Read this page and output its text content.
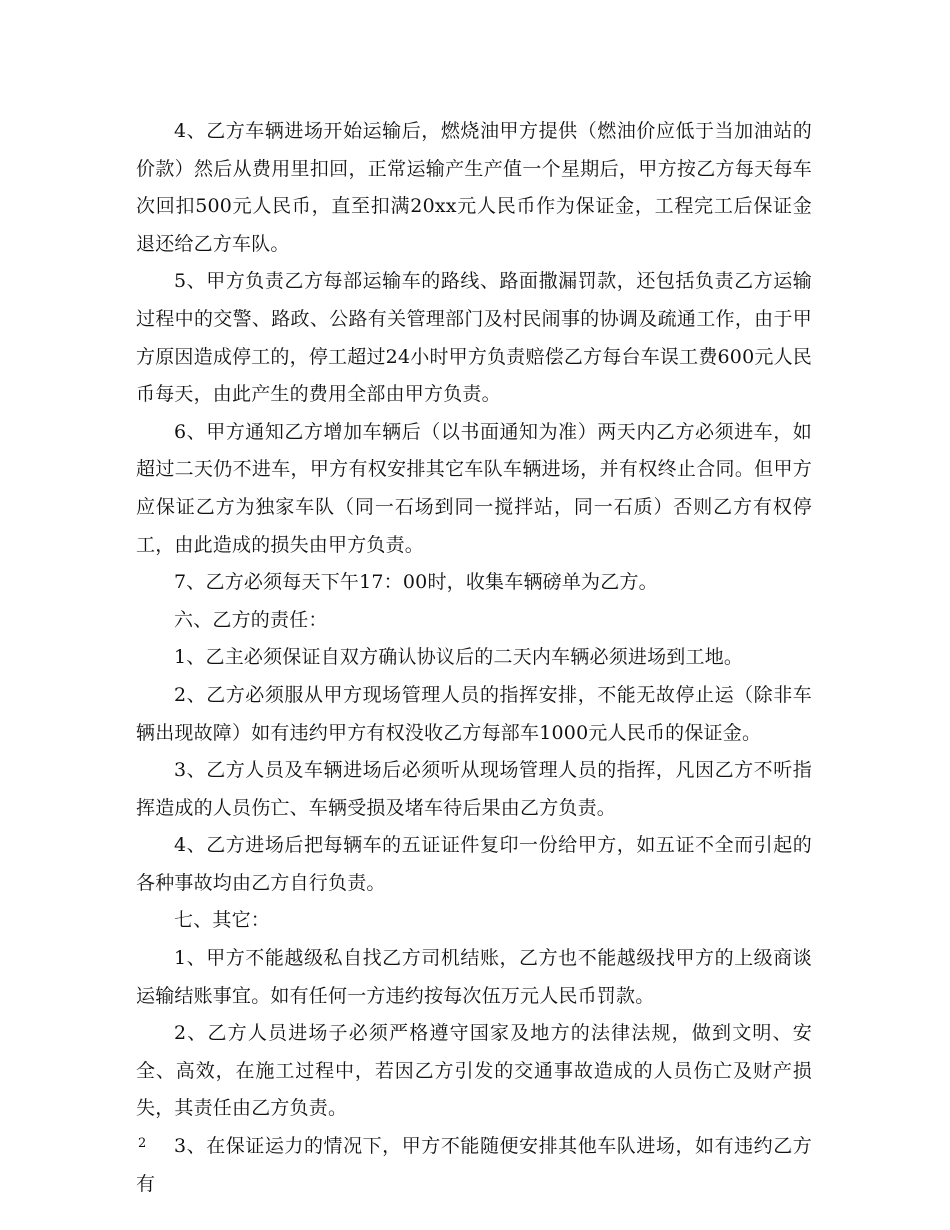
4、乙方车辆进场开始运输后，燃烧油甲方提供（燃油价应低于当加油站的价款）然后从费用里扣回，正常运输产生产值一个星期后，甲方按乙方每天每车次回扣500元人民币，直至扣满20xx元人民币作为保证金，工程完工后保证金退还给乙方车队。

5、甲方负责乙方每部运输车的路线、路面撒漏罚款，还包括负责乙方运输过程中的交警、路政、公路有关管理部门及村民闹事的协调及疏通工作，由于甲方原因造成停工的，停工超过24小时甲方负责赔偿乙方每台车误工费600元人民币每天，由此产生的费用全部由甲方负责。

6、甲方通知乙方增加车辆后（以书面通知为准）两天内乙方必须进车，如超过二天仍不进车，甲方有权安排其它车队车辆进场，并有权终止合同。但甲方应保证乙方为独家车队（同一石场到同一搅拌站，同一石质）否则乙方有权停工，由此造成的损失由甲方负责。

7、乙方必须每天下午17：00时，收集车辆磅单为乙方。

六、乙方的责任：

1、乙主必须保证自双方确认协议后的二天内车辆必须进场到工地。

2、乙方必须服从甲方现场管理人员的指挥安排，不能无故停止运（除非车辆出现故障）如有违约甲方有权没收乙方每部车1000元人民币的保证金。

3、乙方人员及车辆进场后必须听从现场管理人员的指挥，凡因乙方不听指挥造成的人员伤亡、车辆受损及堵车待后果由乙方负责。

4、乙方进场后把每辆车的五证证件复印一份给甲方，如五证不全而引起的各种事故均由乙方自行负责。

七、其它：

1、甲方不能越级私自找乙方司机结账，乙方也不能越级找甲方的上级商谈运输结账事宜。如有任何一方违约按每次伍万元人民币罚款。

2、乙方人员进场子必须严格遵守国家及地方的法律法规，做到文明、安全、高效，在施工过程中，若因乙方引发的交通事故造成的人员伤亡及财产损失，其责任由乙方负责。

3、在保证运力的情况下，甲方不能随便安排其他车队进场，如有违约乙方有

2
